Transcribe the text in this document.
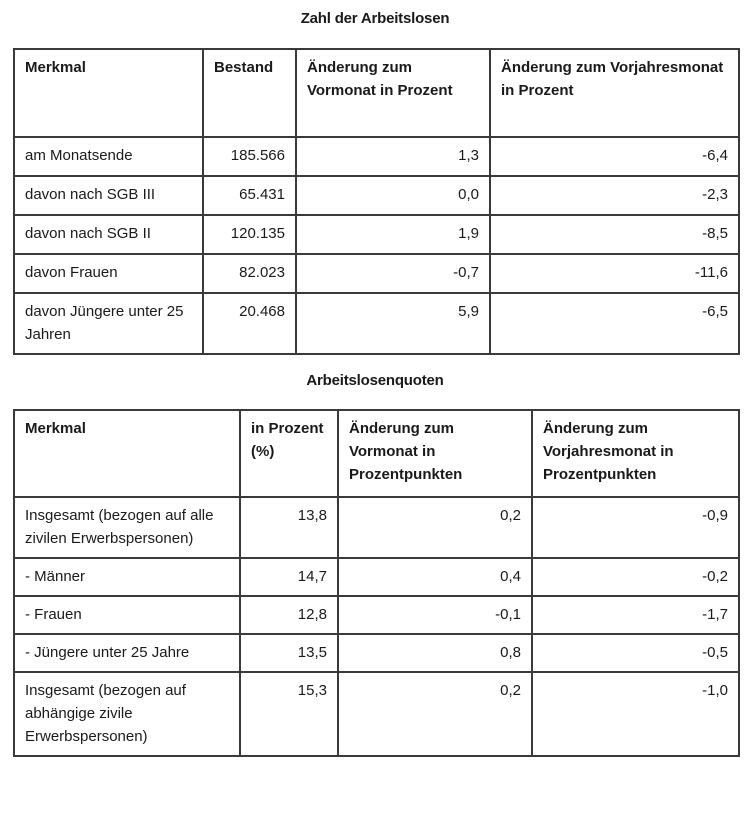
Zahl der Arbeitslosen
Merkmal	Bestand	Änderung zum Vormonat in Prozent	Änderung zum Vorjahresmonat in Prozent
am Monatsende	185.566	1,3	-6,4
davon nach SGB III	65.431	0,0	-2,3
davon nach SGB II	120.135	1,9	-8,5
davon Frauen	82.023	-0,7	-11,6
davon Jüngere unter 25 Jahren	20.468	5,9	-6,5
Arbeitslosenquoten
Merkmal	in Prozent (%)	Änderung zum Vormonat in Prozentpunkten	Änderung zum Vorjahresmonat in Prozentpunkten
Insgesamt (bezogen auf alle zivilen Erwerbspersonen)	13,8	0,2	-0,9
- Männer	14,7	0,4	-0,2
- Frauen	12,8	-0,1	-1,7
- Jüngere unter 25 Jahre	13,5	0,8	-0,5
Insgesamt (bezogen auf abhängige zivile Erwerbspersonen)	15,3	0,2	-1,0
